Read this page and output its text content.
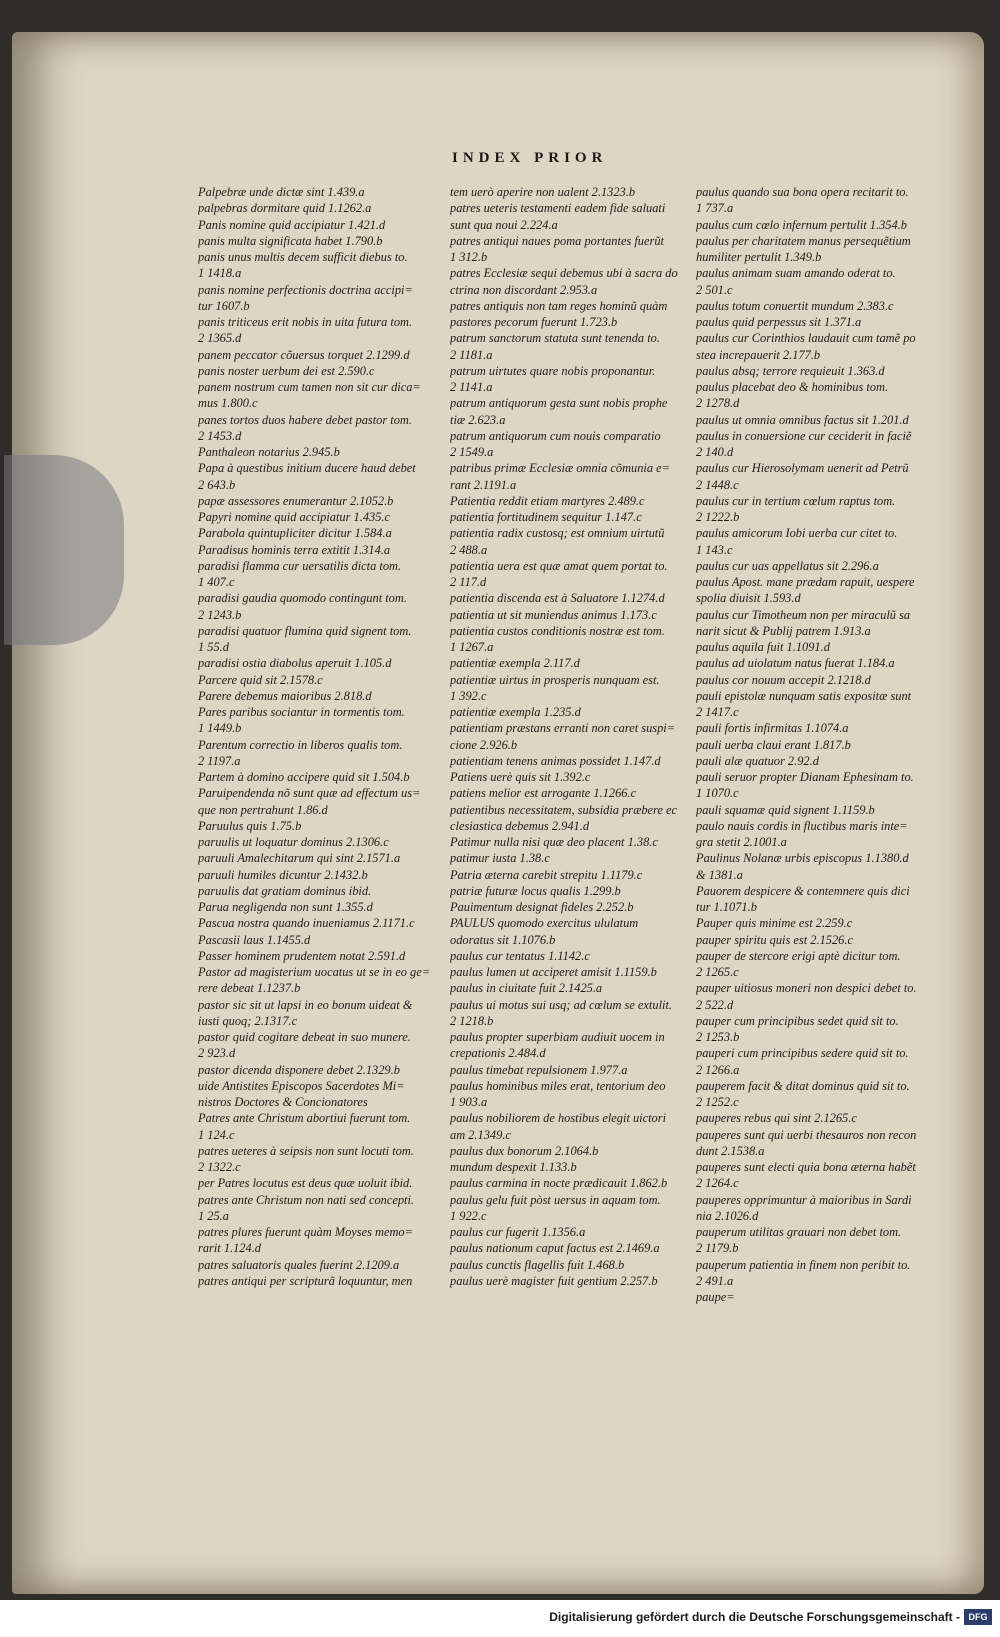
INDEX PRIOR
Palpebræ unde dictæ sint 1.439.a
palpebras dormitare quid 1.1262.a
Panis nomine quid accipiatur 1.421.d
panis multa significata habet 1.790.b
panis unus multis decem sufficit diebus to.
1 1418.a
panis nomine perfectionis doctrina accipi=
tur 1607.b
panis triticeus erit nobis in uita futura tom.
2 1365.d
panem peccator cõuersus torquet 2.1299.d
panis noster uerbum dei est 2.590.c
panem nostrum cum tamen non sit cur dica=
mus 1.800.c
panes tortos duos habere debet pastor tom.
2 1453.d
Panthaleon notarius 2.945.b
Papa à questibus initium ducere haud debet
2 643.b
papæ assessores enumerantur 2.1052.b
Papyri nomine quid accipiatur 1.435.c
Parabola quintupliciter dicitur 1.584.a
Paradisus hominis terra extitit 1.314.a
paradisi flamma cur uersatilis dicta tom.
1 407.c
paradisi gaudia quomodo contingunt tom.
2 1243.b
paradisi quatuor flumina quid signent tom.
1 55.d
paradisi ostia diabolus aperuit 1.105.d
Parcere quid sit 2.1578.c
Parere debemus maioribus 2.818.d
Pares paribus sociantur in tormentis tom.
1 1449.b
Parentum correctio in liberos qualis tom.
2 1197.a
Partem à domino accipere quid sit 1.504.b
Paruipendenda nõ sunt quæ ad effectum us=
que non pertrahunt 1.86.d
Paruulus quis 1.75.b
paruulis ut loquatur dominus 2.1306.c
paruuli Amalechitarum qui sint 2.1571.a
paruuli humiles dicuntur 2.1432.b
paruulis dat gratiam dominus ibid.
Parua negligenda non sunt 1.355.d
Pascua nostra quando inueniamus 2.1171.c
Pascasii laus 1.1455.d
Passer hominem prudentem notat 2.591.d
Pastor ad magisterium uocatus ut se in eo ge=
rere debeat 1.1237.b
pastor sic sit ut lapsi in eo bonum uideat &
iusti quoq; 2.1317.c
pastor quid cogitare debeat in suo munere.
2 923.d
pastor dicenda disponere debet 2.1329.b
uide Antistites Episcopos Sacerdotes Mi=
nistros Doctores & Concionatores
Patres ante Christum abortiui fuerunt tom.
1 124.c
patres ueteres à seipsis non sunt locuti tom.
2 1322.c
per Patres locutus est deus quæ uoluit ibid.
patres ante Christum non nati sed concepti.
1 25.a
patres plures fuerunt quàm Moyses memo=
rarit 1.124.d
patres saluatoris quales fuerint 2.1209.a
patres antiqui per scripturã loquuntur, men
tem uerò aperire non ualent 2.1323.b
patres ueteris testamenti eadem fide saluati
sunt qua noui 2.224.a
patres antiqui naues poma portantes fuerũt
1 312.b
patres Ecclesiæ sequi debemus ubi à sacra do
ctrina non discordant 2.953.a
patres antiquis non tam reges hominũ quàm
pastores pecorum fuerunt 1.723.b
patrum sanctorum statuta sunt tenenda to.
2 1181.a
patrum uirtutes quare nobis proponantur.
2 1141.a
patrum antiquorum gesta sunt nobis prophe
tiæ 2.623.a
patrum antiquorum cum nouis comparatio
2 1549.a
patribus primæ Ecclesiæ omnia cõmunia e=
rant 2.1191.a
Patientia reddit etiam martyres 2.489.c
patientia fortitudinem sequitur 1.147.c
patientia radix custosq; est omnium uirtutũ
2 488.a
patientia uera est quæ amat quem portat to.
2 117.d
patientia discenda est à Saluatore 1.1274.d
patientia ut sit muniendus animus 1.173.c
patientia custos conditionis nostræ est tom.
1 1267.a
patientiæ exempla 2.117.d
patientiæ uirtus in prosperis nunquam est.
1 392.c
patientiæ exempla 1.235.d
patientiam præstans erranti non caret suspi=
cione 2.926.b
patientiam tenens animas possidet 1.147.d
Patiens uerè quis sit 1.392.c
patiens melior est arrogante 1.1266.c
patientibus necessitatem, subsidia præbere ec
clesiastica debemus 2.941.d
Patimur nulla nisi quæ deo placent 1.38.c
patimur iusta 1.38.c
Patria æterna carebit strepitu 1.1179.c
patriæ futuræ locus qualis 1.299.b
Pauimentum designat fideles 2.252.b
PAULUS quomodo exercitus ululatum
odoratus sit 1.1076.b
paulus cur tentatus 1.1142.c
paulus lumen ut acciperet amisit 1.1159.b
paulus in ciuitate fuit 2.1425.a
paulus ui motus sui usq; ad cœlum se extulit.
2 1218.b
paulus propter superbiam audiuit uocem in
crepationis 2.484.d
paulus timebat repulsionem 1.977.a
paulus hominibus miles erat, tentorium deo
1 903.a
paulus nobiliorem de hostibus elegit uictori
am 2.1349.c
paulus dux bonorum 2.1064.b
mundum despexit 1.133.b
paulus carmina in nocte prædicauit 1.862.b
paulus gelu fuit pòst uersus in aquam tom.
1 922.c
paulus cur fugerit 1.1356.a
paulus nationum caput factus est 2.1469.a
paulus cunctis flagellis fuit 1.468.b
paulus uerè magister fuit gentium 2.257.b
paulus quando sua bona opera recitarit to.
1 737.a
paulus cum cœlo infernum pertulit 1.354.b
paulus per charitatem manus persequẽtium
humiliter pertulit 1.349.b
paulus animam suam amando oderat to.
2 501.c
paulus totum conuertit mundum 2.383.c
paulus quid perpessus sit 1.371.a
paulus cur Corinthios laudauit cum tamẽ po
stea increpauerit 2.177.b
paulus absq; terrore requieuit 1.363.d
paulus placebat deo & hominibus tom.
2 1278.d
paulus ut omnia omnibus factus sit 1.201.d
paulus in conuersione cur ceciderit in faciẽ
2 140.d
paulus cur Hierosolymam uenerit ad Petrũ
2 1448.c
paulus cur in tertium cœlum raptus tom.
2 1222.b
paulus amicorum Iobi uerba cur citet to.
1 143.c
paulus cur uas appellatus sit 2.296.a
paulus Apost. mane prædam rapuit, uespere
spolia diuisit 1.593.d
paulus cur Timotheum non per miraculũ sa
narit sicut & Publij patrem 1.913.a
paulus aquila fuit 1.1091.d
paulus ad uiolatum natus fuerat 1.184.a
paulus cor nouum accepit 2.1218.d
pauli epistolæ nunquam satis expositæ sunt
2 1417.c
pauli fortis infirmitas 1.1074.a
pauli uerba claui erant 1.817.b
pauli alæ quatuor 2.92.d
pauli seruor propter Dianam Ephesinam to.
1 1070.c
pauli squamæ quid signent 1.1159.b
paulo nauis cordis in fluctibus maris inte=
gra stetit 2.1001.a
Paulinus Nolanæ urbis episcopus 1.1380.d
& 1381.a
Pauorem despicere & contemnere quis dici
tur 1.1071.b
Pauper quis minime est 2.259.c
pauper spiritu quis est 2.1526.c
pauper de stercore erigi aptè dicitur tom.
2 1265.c
pauper uitiosus moneri non despici debet to.
2 522.d
pauper cum principibus sedet quid sit to.
2 1253.b
pauperi cum principibus sedere quid sit to.
2 1266.a
pauperem facit & ditat dominus quid sit to.
2 1252.c
pauperes rebus qui sint 2.1265.c
pauperes sunt qui uerbi thesauros non recon
dunt 2.1538.a
pauperes sunt electi quia bona æterna habẽt
2 1264.c
pauperes opprimuntur à maioribus in Sardi
nia 2.1026.d
pauperum utilitas grauari non debet tom.
2 1179.b
pauperum patientia in finem non peribit to.
2 491.a
paupe=
Digitalisierung gefördert durch die Deutsche Forschungsgemeinschaft - DFG
